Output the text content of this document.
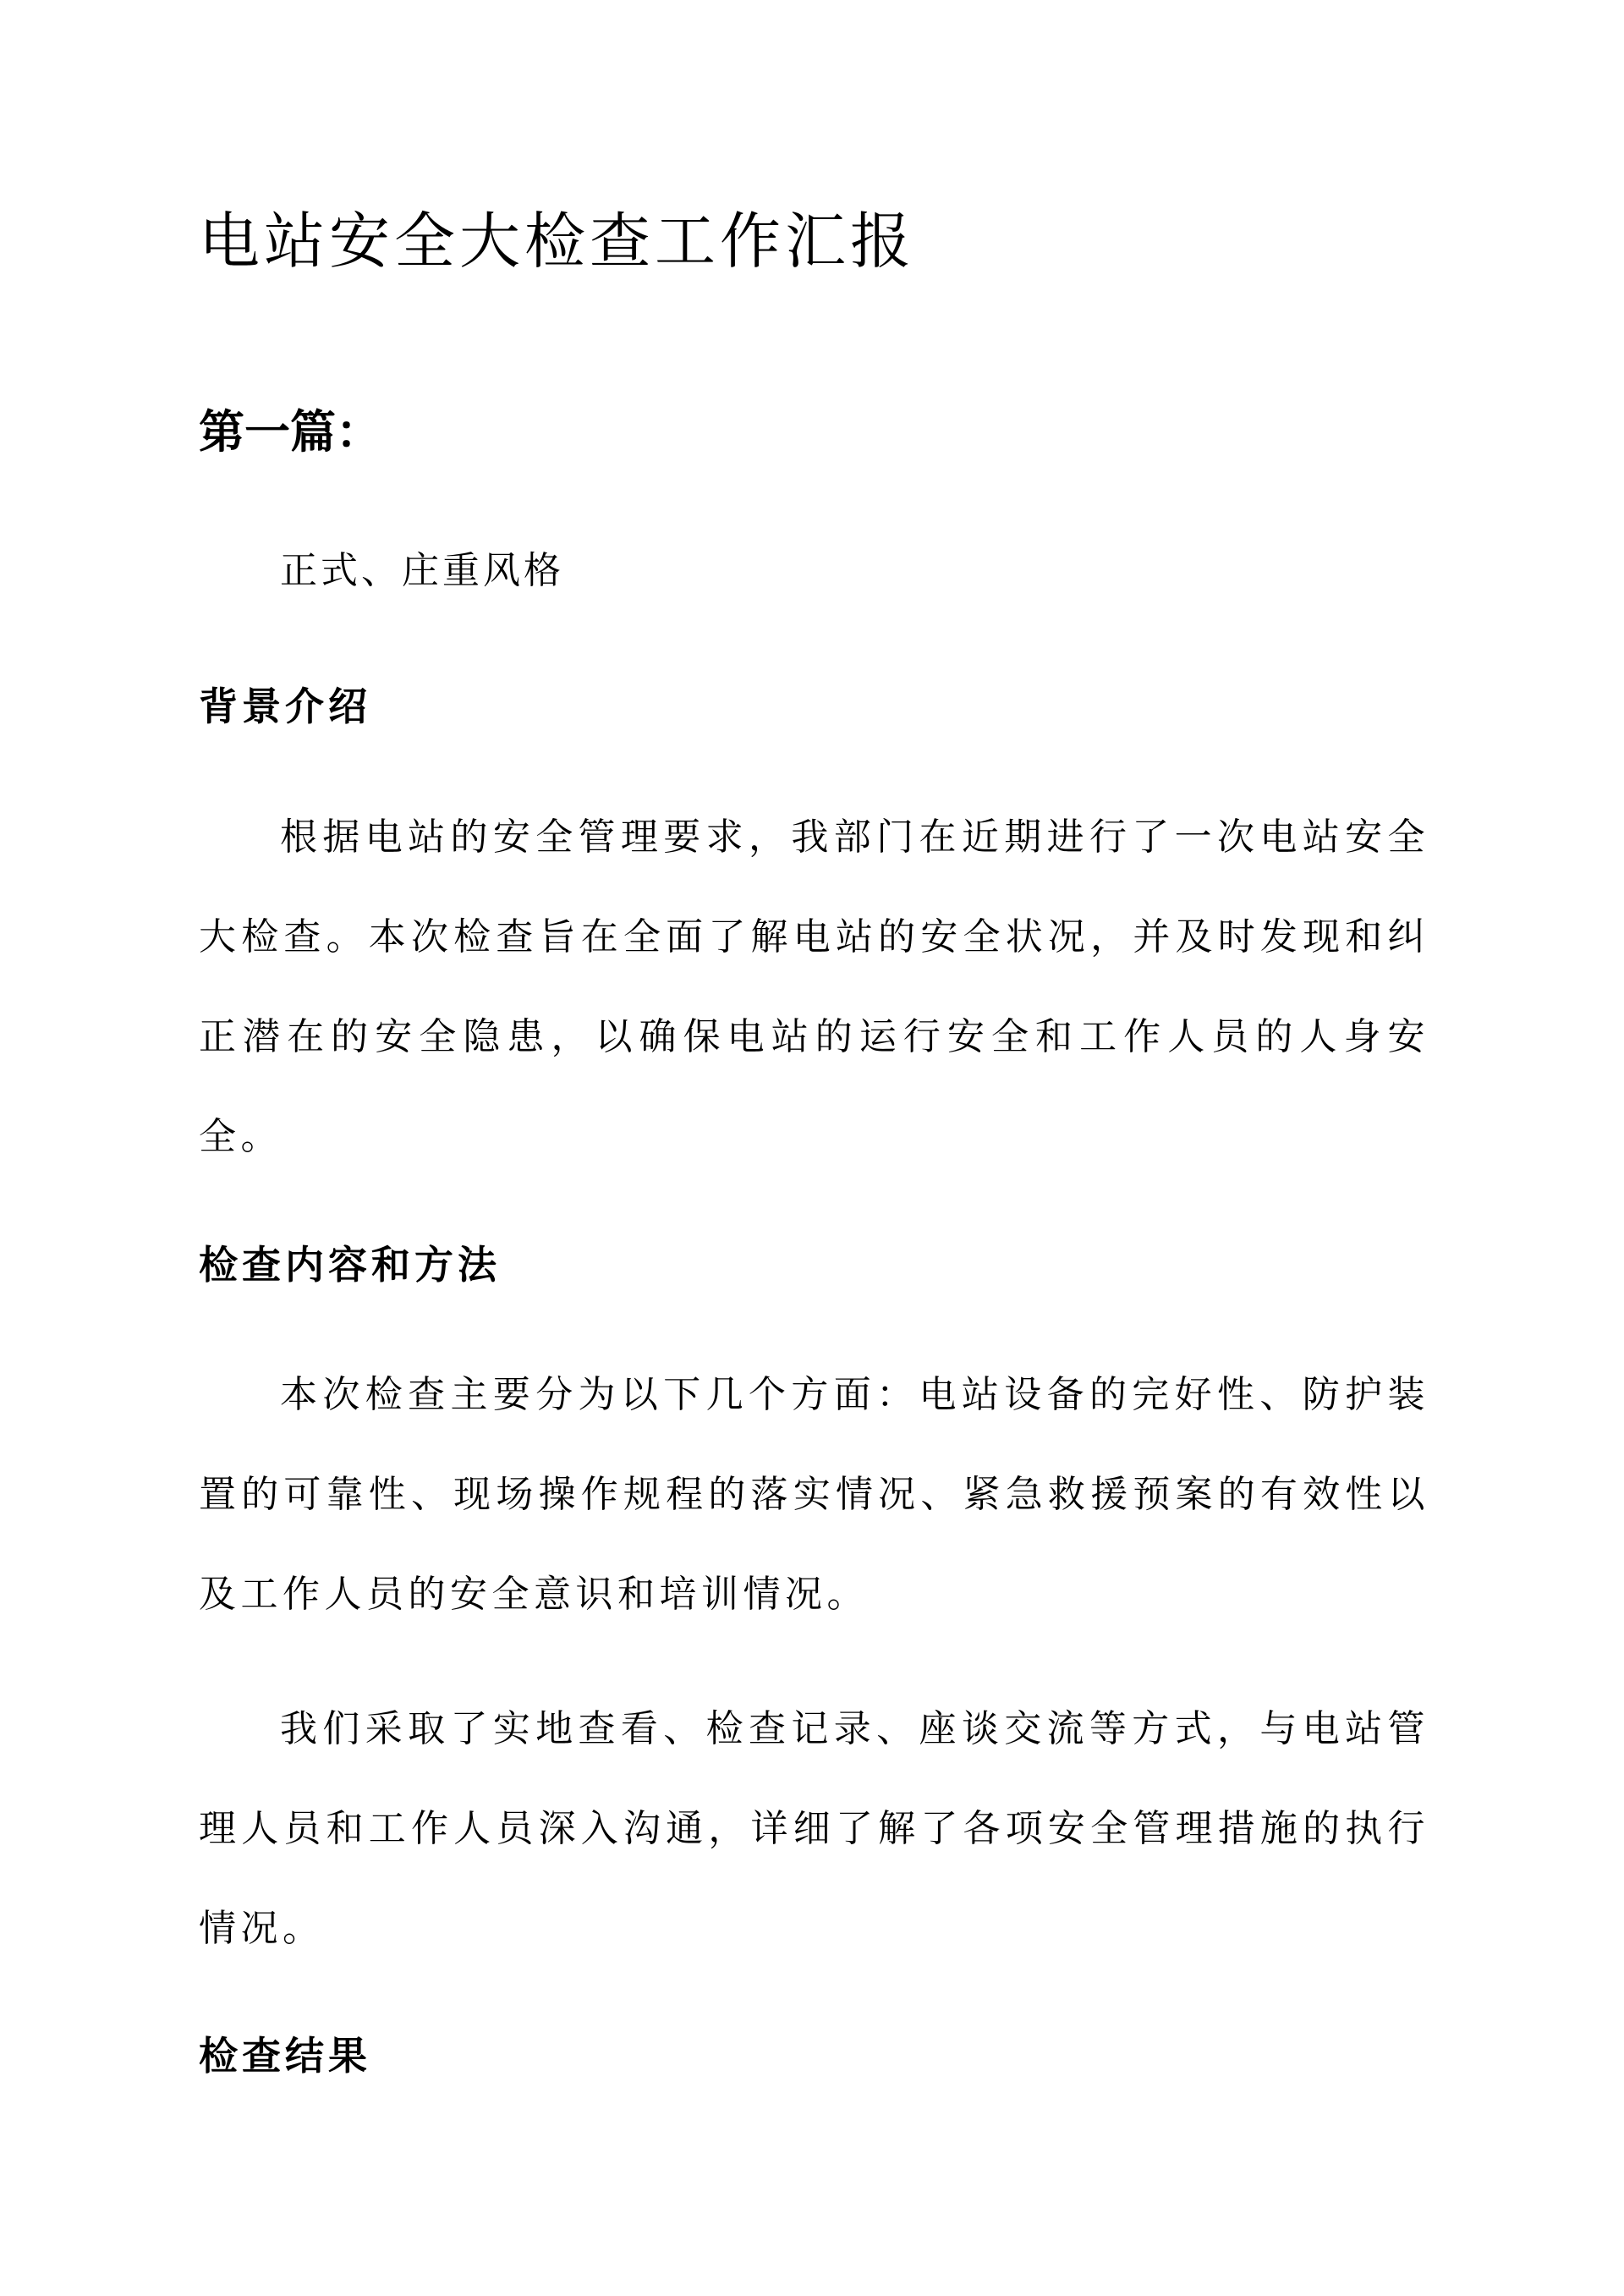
电站安全大检查工作汇报
第一篇：

正式、庄重风格

背景介绍

根据电站的安全管理要求，我部门在近期进行了一次电站安全大检查。本次检查旨在全面了解电站的安全状况，并及时发现和纠正潜在的安全隐患，以确保电站的运行安全和工作人员的人身安全。

检查内容和方法

本次检查主要分为以下几个方面：电站设备的完好性、防护装置的可靠性、现场操作规程的落实情况、紧急救援预案的有效性以及工作人员的安全意识和培训情况。

我们采取了实地查看、检查记录、座谈交流等方式，与电站管理人员和工作人员深入沟通，详细了解了各项安全管理措施的执行情况。

检查结果
